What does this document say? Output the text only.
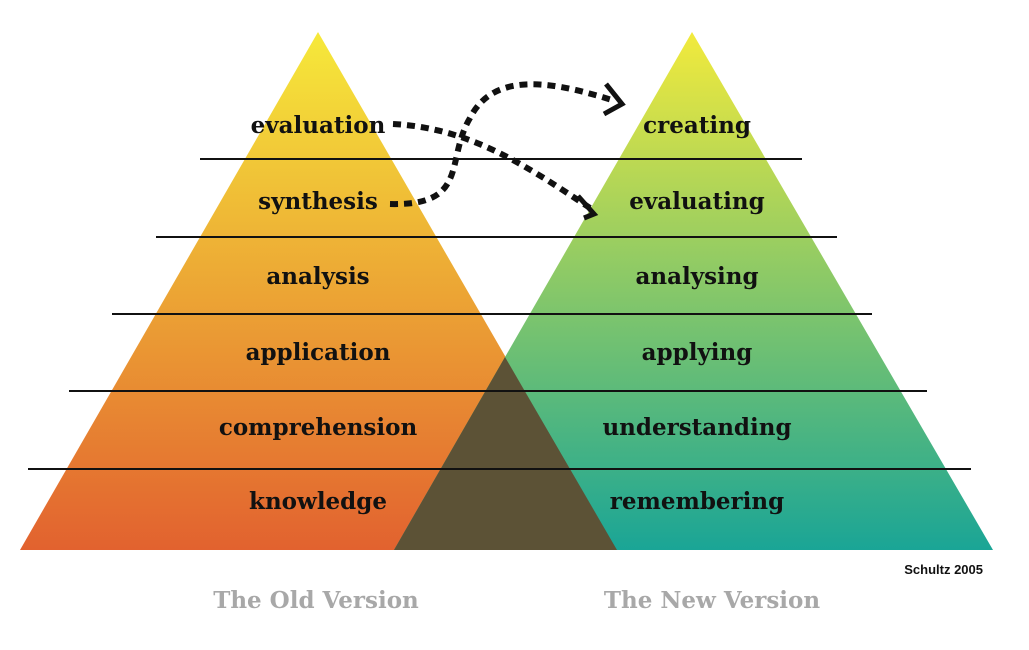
evaluation
synthesis
analysis
application
comprehension
knowledge
creating
evaluating
analysing
applying
understanding
remembering
Schultz 2005
The Old Version	The New Version
